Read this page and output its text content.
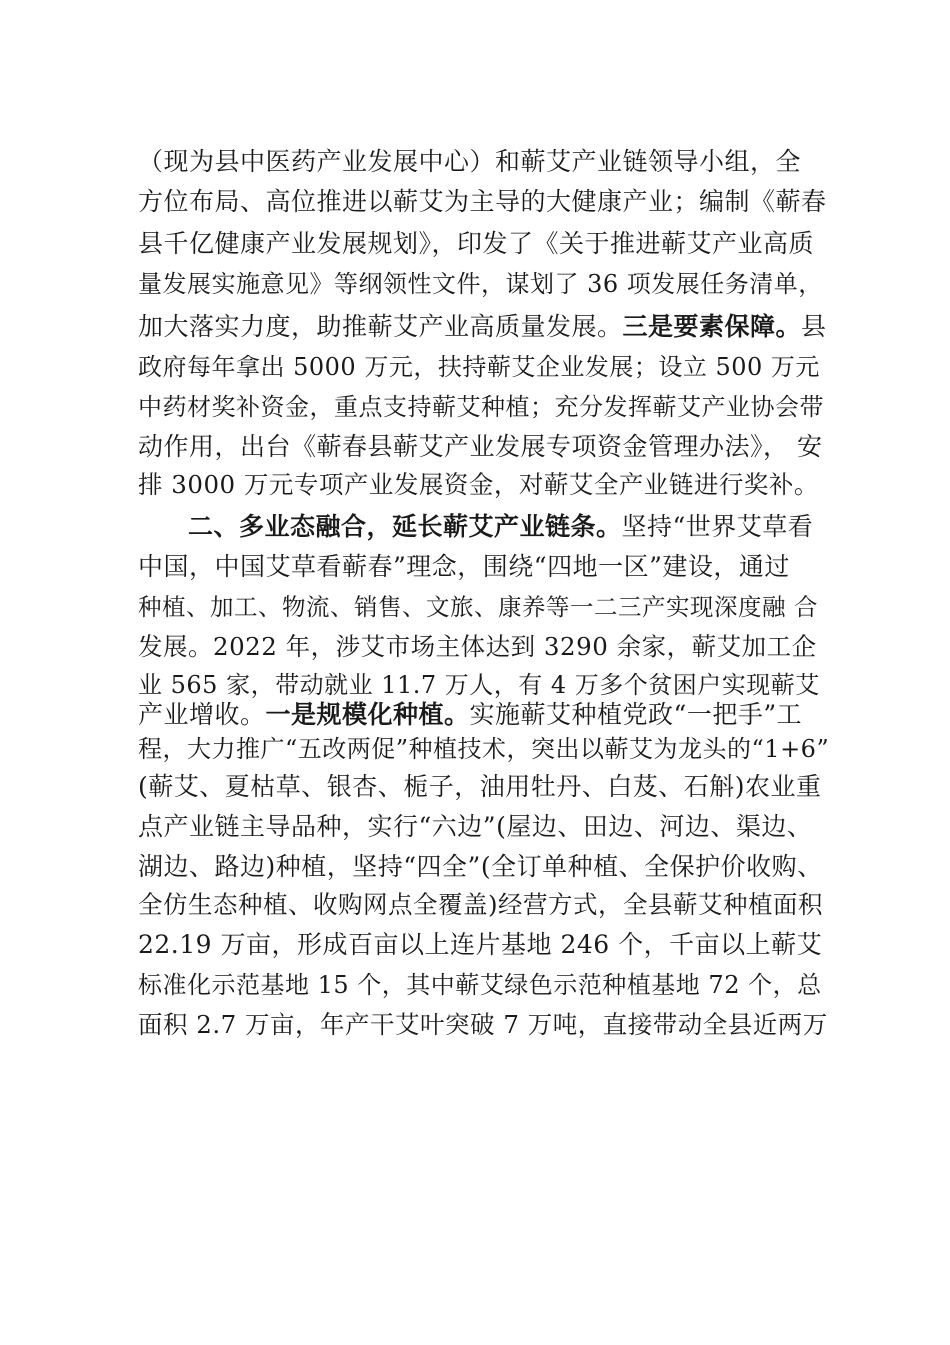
（现为县中医药产业发展中心）和蕲艾产业链领导小组，全
方位布局、高位推进以蕲艾为主导的大健康产业；编制《蕲春
县千亿健康产业发展规划》，印发了《关于推进蕲艾产业高质
量发展实施意见》等纲领性文件，谋划了 36 项发展任务清单，
加大落实力度，助推蕲艾产业高质量发展。三是要素保障。县
政府每年拿出 5000 万元，扶持蕲艾企业发展；设立 500 万元
中药材奖补资金，重点支持蕲艾种植；充分发挥蕲艾产业协会带
动作用，出台《蕲春县蕲艾产业发展专项资金管理办法》， 安
排 3000 万元专项产业发展资金，对蕲艾全产业链进行奖补。
二、多业态融合，延长蕲艾产业链条。坚持“世界艾草看
中国，中国艾草看蕲春”理念，围绕“四地一区”建设，通过
种植、加工、物流、销售、文旅、康养等一二三产实现深度融 合
发展。2022 年，涉艾市场主体达到 3290 余家，蕲艾加工企
业 565 家，带动就业 11.7 万人，有 4 万多个贫困户实现蕲艾
产业增收。一是规模化种植。实施蕲艾种植党政“一把手”工
程，大力推广“五改两促”种植技术，突出以蕲艾为龙头的“1+6”
(蕲艾、夏枯草、银杏、栀子，油用牡丹、白芨、石斛)农业重
点产业链主导品种，实行“六边”(屋边、田边、河边、渠边、
湖边、路边)种植，坚持“四全”(全订单种植、全保护价收购、
全仿生态种植、收购网点全覆盖)经营方式，全县蕲艾种植面积
22.19 万亩，形成百亩以上连片基地 246 个，千亩以上蕲艾
标准化示范基地 15 个，其中蕲艾绿色示范种植基地 72 个，总
面积 2.7 万亩，年产干艾叶突破 7 万吨，直接带动全县近两万
